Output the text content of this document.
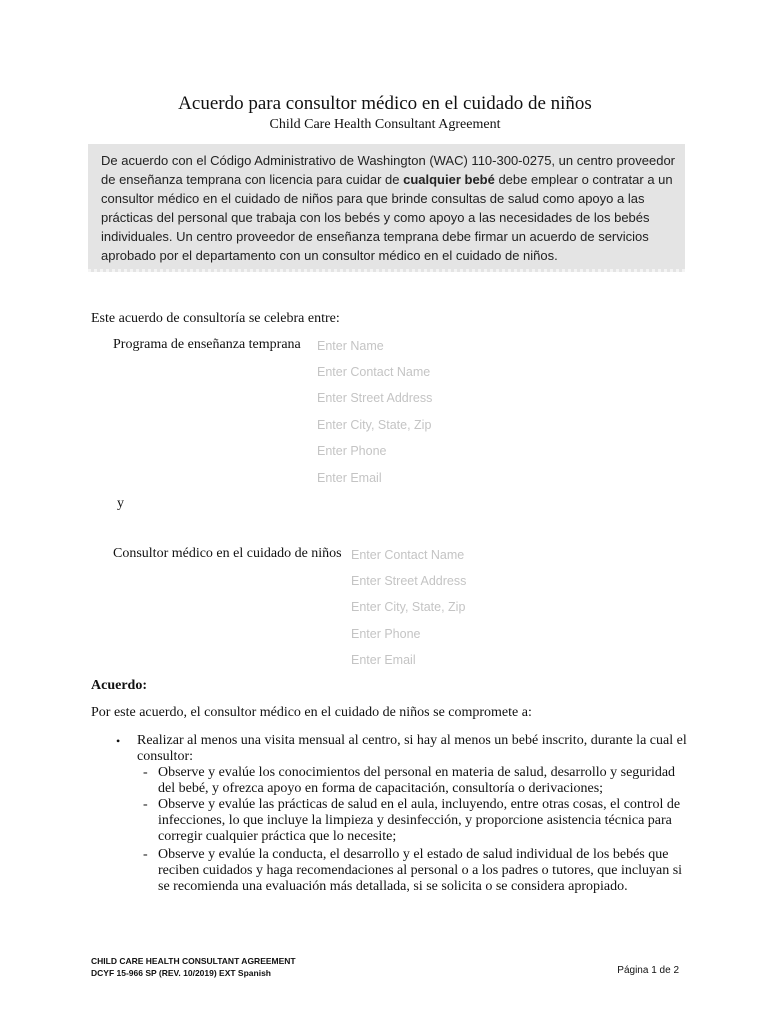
Acuerdo para consultor médico en el cuidado de niños
Child Care Health Consultant Agreement
De acuerdo con el Código Administrativo de Washington (WAC) 110-300-0275, un centro proveedor de enseñanza temprana con licencia para cuidar de cualquier bebé debe emplear o contratar a un consultor médico en el cuidado de niños para que brinde consultas de salud como apoyo a las prácticas del personal que trabaja con los bebés y como apoyo a las necesidades de los bebés individuales. Un centro proveedor de enseñanza temprana debe firmar un acuerdo de servicios aprobado por el departamento con un consultor médico en el cuidado de niños.
Este acuerdo de consultoría se celebra entre:
Programa de enseñanza temprana
Enter Name
Enter Contact Name
Enter Street Address
Enter City, State, Zip
Enter Phone
Enter Email
y
Consultor médico en el cuidado de niños
Enter Contact Name
Enter Street Address
Enter City, State, Zip
Enter Phone
Enter Email
Acuerdo:
Por este acuerdo, el consultor médico en el cuidado de niños se compromete a:
• Realizar al menos una visita mensual al centro, si hay al menos un bebé inscrito, durante la cual el
consultor:
- Observe y evalúe los conocimientos del personal en materia de salud, desarrollo y seguridad
del bebé, y ofrezca apoyo en forma de capacitación, consultoría o derivaciones;
- Observe y evalúe las prácticas de salud en el aula, incluyendo, entre otras cosas, el control de
infecciones, lo que incluye la limpieza y desinfección, y proporcione asistencia técnica para
corregir cualquier práctica que lo necesite;
- Observe y evalúe la conducta, el desarrollo y el estado de salud individual de los bebés que
reciben cuidados y haga recomendaciones al personal o a los padres o tutores, que incluyan si
se recomienda una evaluación más detallada, si se solicita o se considera apropiado.
CHILD CARE HEALTH CONSULTANT AGREEMENT
DCYF 15-966 SP (REV. 10/2019) EXT Spanish	Página 1 de 2
